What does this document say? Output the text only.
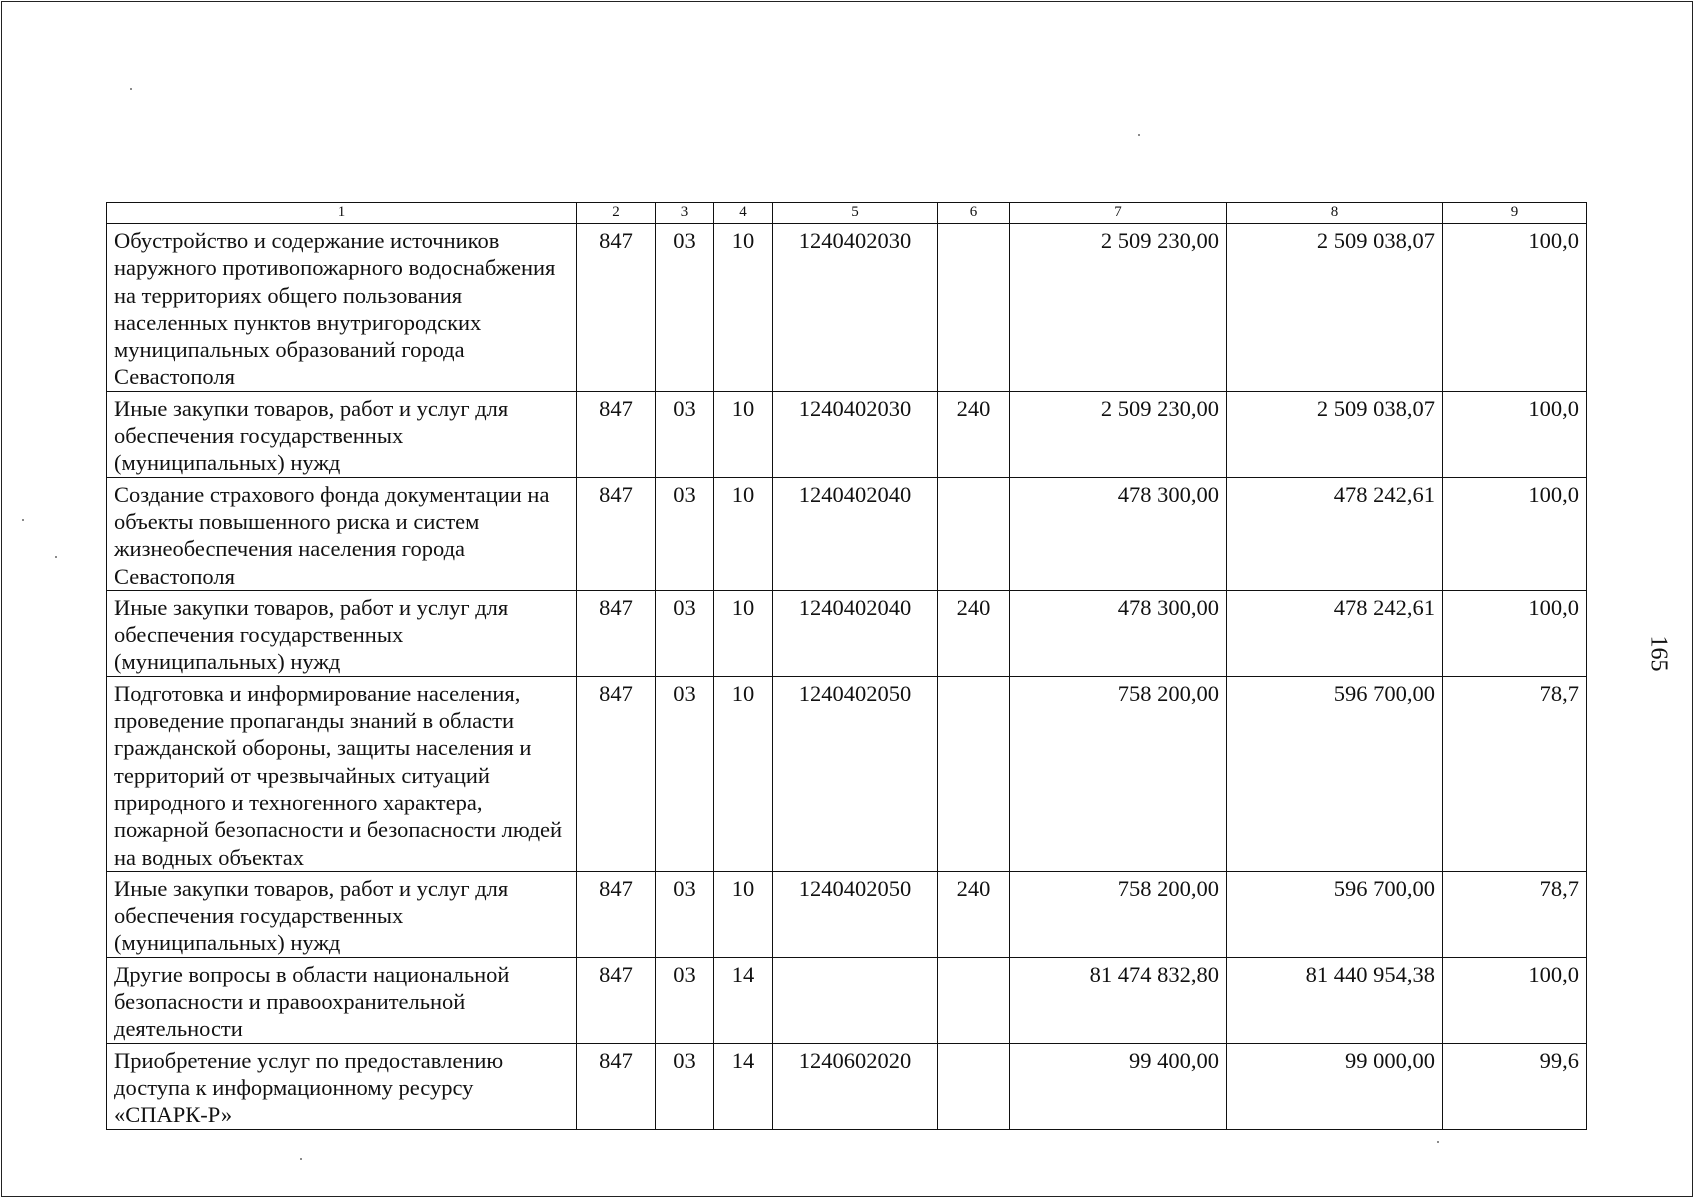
1	2	3	4	5	6	7	8	9
Обустройство и содержание источников наружного противопожарного водоснабжения на территориях общего пользования населенных пунктов внутригородских муниципальных образований города Севастополя	847	03	10	1240402030		2 509 230,00	2 509 038,07	100,0
Иные закупки товаров, работ и услуг для обеспечения государственных (муниципальных) нужд	847	03	10	1240402030	240	2 509 230,00	2 509 038,07	100,0
Создание страхового фонда документации на объекты повышенного риска и систем жизнеобеспечения населения города Севастополя	847	03	10	1240402040		478 300,00	478 242,61	100,0
Иные закупки товаров, работ и услуг для обеспечения государственных (муниципальных) нужд	847	03	10	1240402040	240	478 300,00	478 242,61	100,0
Подготовка и информирование населения, проведение пропаганды знаний в области гражданской обороны, защиты населения и территорий от чрезвычайных ситуаций природного и техногенного характера, пожарной безопасности и безопасности людей на водных объектах	847	03	10	1240402050		758 200,00	596 700,00	78,7
Иные закупки товаров, работ и услуг для обеспечения государственных (муниципальных) нужд	847	03	10	1240402050	240	758 200,00	596 700,00	78,7
Другие вопросы в области национальной безопасности и правоохранительной деятельности	847	03	14			81 474 832,80	81 440 954,38	100,0
Приобретение услуг по предоставлению доступа к информационному ресурсу «СПАРК-Р»	847	03	14	1240602020		99 400,00	99 000,00	99,6
165
